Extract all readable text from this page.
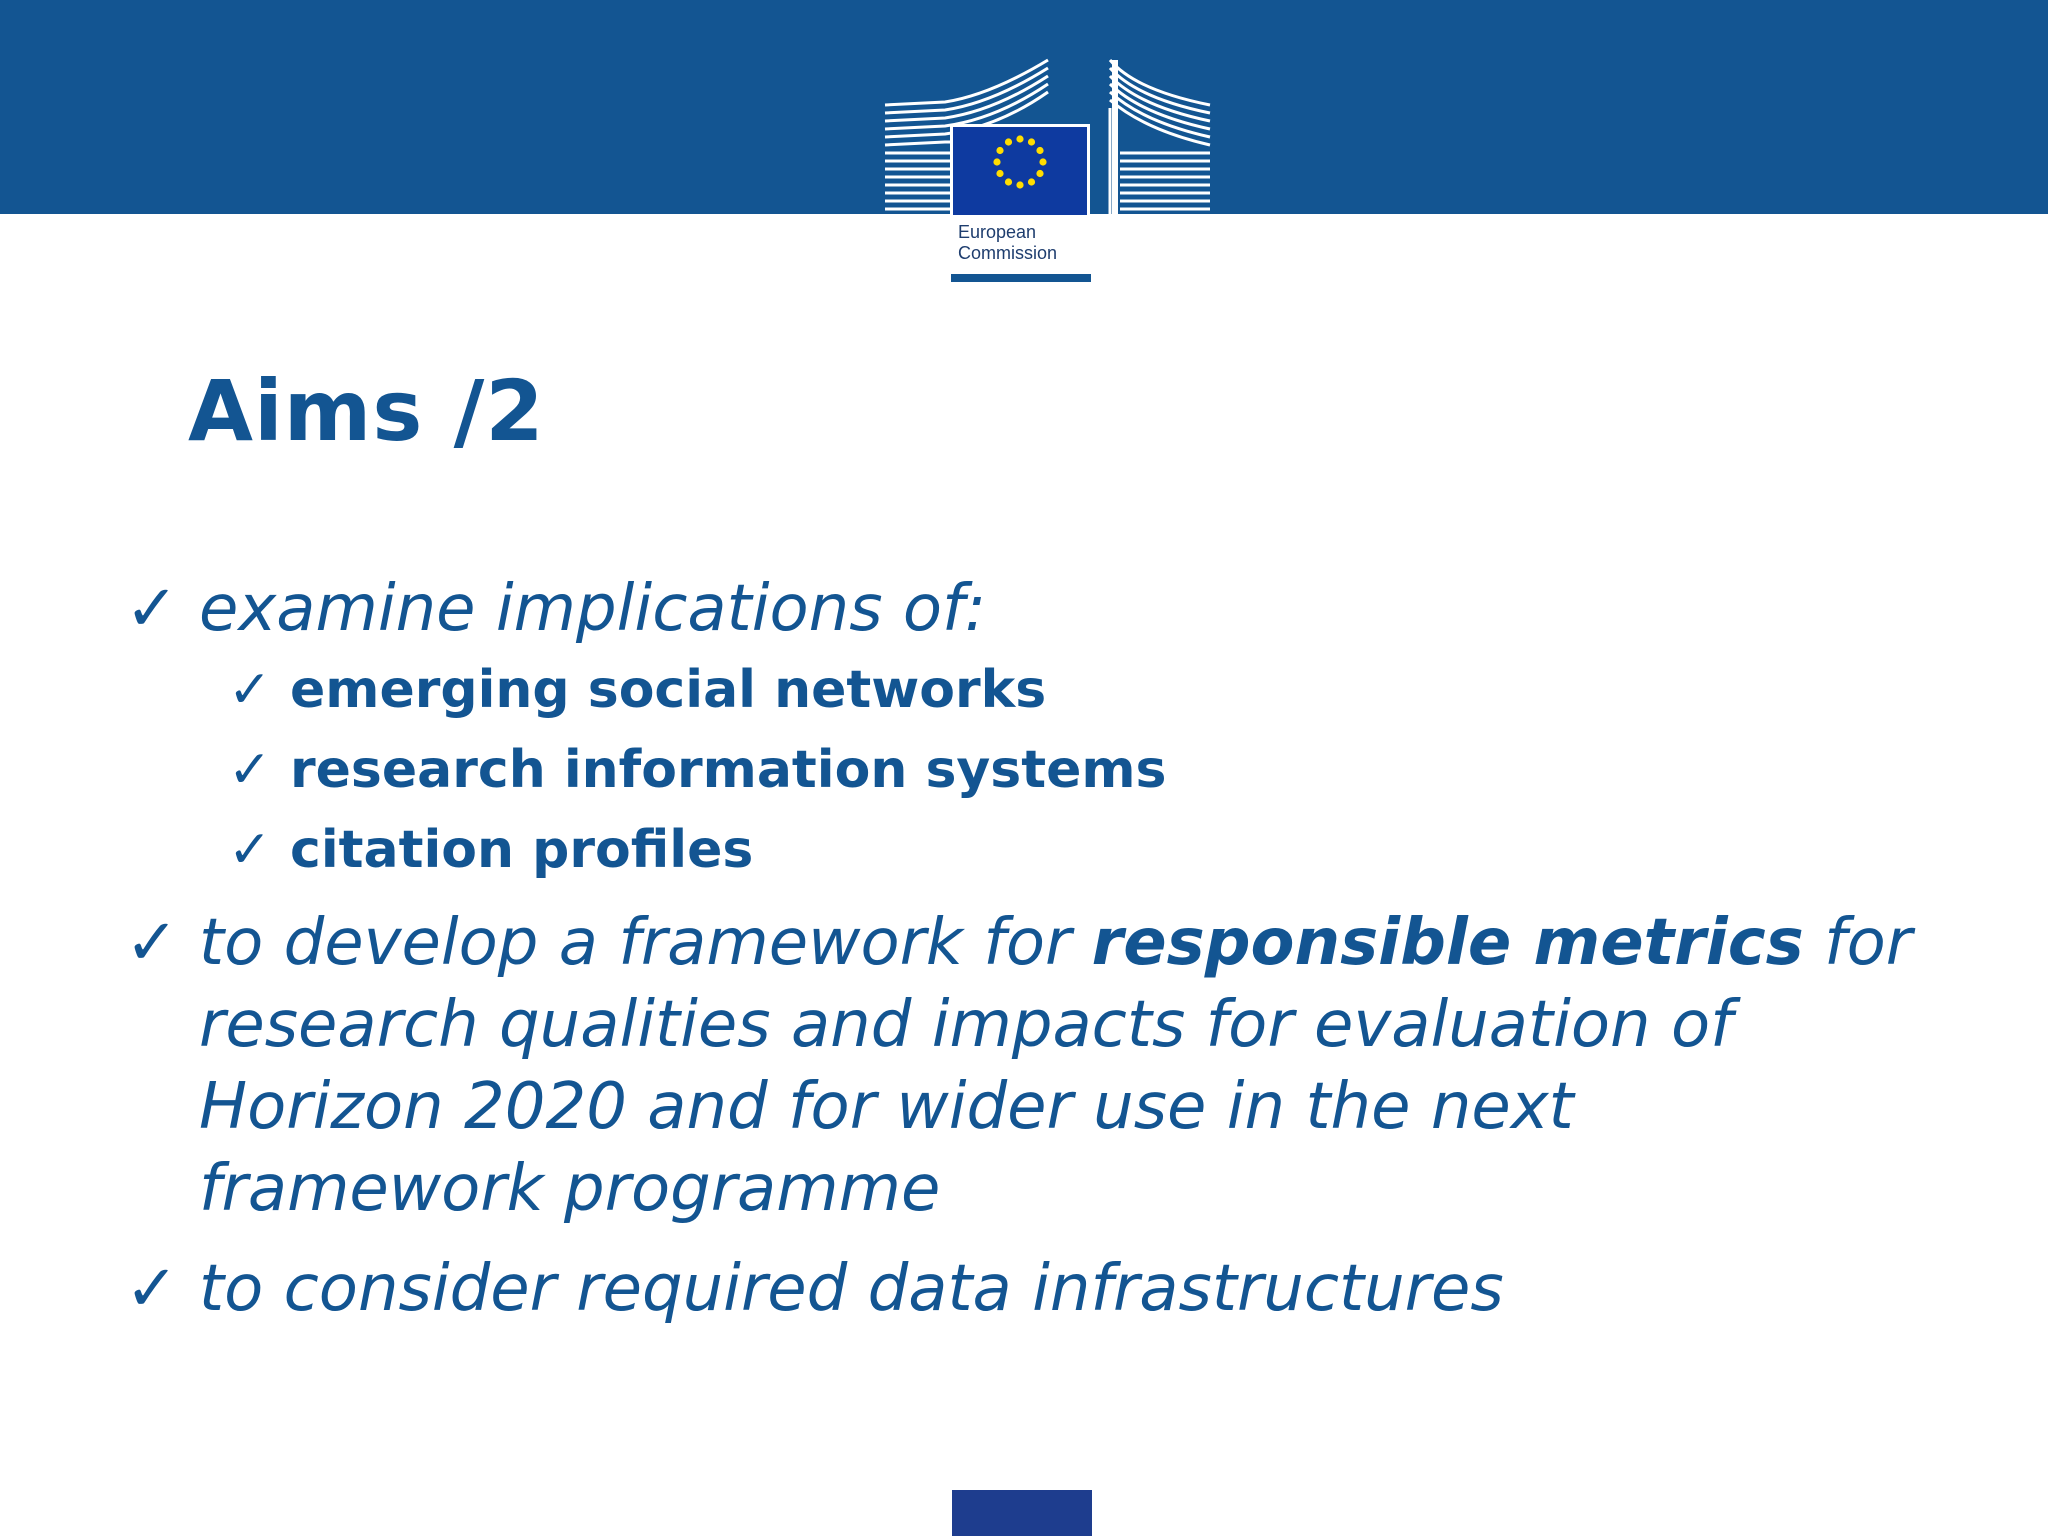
European
Commission
Aims /2
✓ examine implications of:
✓ emerging social networks
✓ research information systems
✓ citation profiles
✓ to develop a framework for responsible metrics for research qualities and impacts for evaluation of Horizon 2020 and for wider use in the next framework programme
✓ to consider required data infrastructures
